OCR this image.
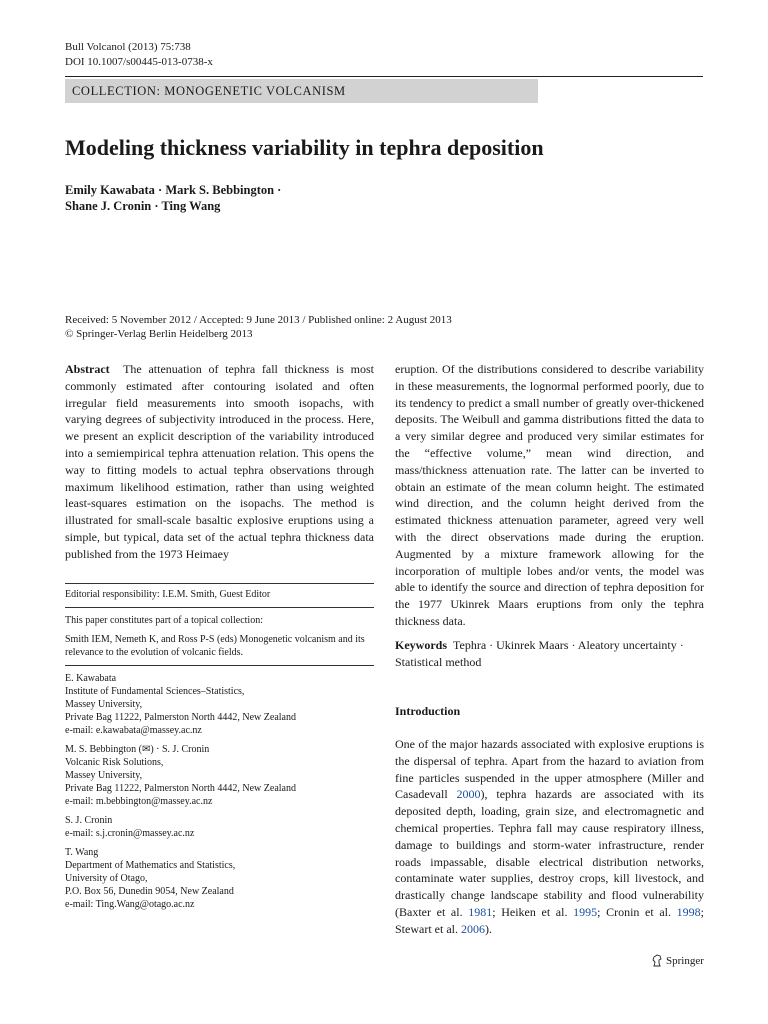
Bull Volcanol (2013) 75:738
DOI 10.1007/s00445-013-0738-x
COLLECTION: MONOGENETIC VOLCANISM
Modeling thickness variability in tephra deposition
Emily Kawabata · Mark S. Bebbington ·
Shane J. Cronin · Ting Wang
Received: 5 November 2012 / Accepted: 9 June 2013 / Published online: 2 August 2013
© Springer-Verlag Berlin Heidelberg 2013

Abstract The attenuation of tephra fall thickness is most commonly estimated after contouring isolated and often irregular field measurements into smooth isopachs, with varying degrees of subjectivity introduced in the process. Here, we present an explicit description of the variability introduced into a semiempirical tephra attenuation relation. This opens the way to fitting models to actual tephra observations through maximum likelihood estimation, rather than using weighted least-squares estimation on the isopachs. The method is illustrated for small-scale basaltic explosive eruptions using a simple, but typical, data set of the actual tephra thickness data published from the 1973 Heimaey

Editorial responsibility: I.E.M. Smith, Guest Editor
This paper constitutes part of a topical collection:
Smith IEM, Nemeth K, and Ross P-S (eds) Monogenetic volcanism and its relevance to the evolution of volcanic fields.
E. Kawabata
Institute of Fundamental Sciences–Statistics,
Massey University,
Private Bag 11222, Palmerston North 4442, New Zealand
e-mail: e.kawabata@massey.ac.nz
M. S. Bebbington (✉) · S. J. Cronin
Volcanic Risk Solutions,
Massey University,
Private Bag 11222, Palmerston North 4442, New Zealand
e-mail: m.bebbington@massey.ac.nz
S. J. Cronin
e-mail: s.j.cronin@massey.ac.nz
T. Wang
Department of Mathematics and Statistics,
University of Otago,
P.O. Box 56, Dunedin 9054, New Zealand
e-mail: Ting.Wang@otago.ac.nz

eruption. Of the distributions considered to describe variability in these measurements, the lognormal performed poorly, due to its tendency to predict a small number of greatly over-thickened deposits. The Weibull and gamma distributions fitted the data to a very similar degree and produced very similar estimates for the “effective volume,” mean wind direction, and mass/thickness attenuation rate. The latter can be inverted to obtain an estimate of the mean column height. The estimated wind direction, and the column height derived from the estimated thickness attenuation parameter, agreed very well with the direct observations made during the eruption. Augmented by a mixture framework allowing for the incorporation of multiple lobes and/or vents, the model was able to identify the source and direction of tephra deposition for the 1977 Ukinrek Maars eruptions from only the tephra thickness data.

Keywords Tephra · Ukinrek Maars · Aleatory uncertainty · Statistical method
Introduction

One of the major hazards associated with explosive eruptions is the dispersal of tephra. Apart from the hazard to aviation from fine particles suspended in the upper atmosphere (Miller and Casadevall 2000), tephra hazards are associated with its deposited depth, loading, grain size, and electromagnetic and chemical properties. Tephra fall may cause respiratory illness, damage to buildings and storm-water infrastructure, render roads impassable, disable electrical distribution networks, contaminate water supplies, destroy crops, kill livestock, and drastically change landscape stability and flood vulnerability (Baxter et al. 1981; Heiken et al. 1995; Cronin et al. 1998; Stewart et al. 2006).

Springer
